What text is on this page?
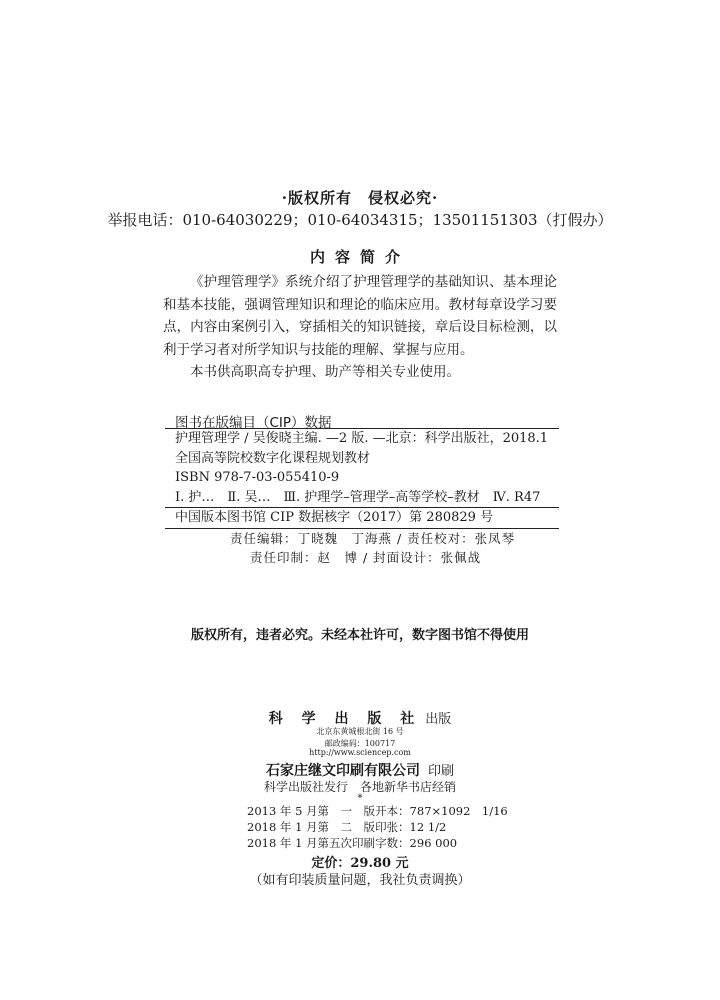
·版权所有　侵权必究·
举报电话：010-64030229；010-64034315；13501151303（打假办）
内容简介

《护理管理学》系统介绍了护理管理学的基础知识、基本理论和基本技能，强调管理知识和理论的临床应用。教材每章设学习要点，内容由案例引入，穿插相关的知识链接，章后设目标检测，以利于学习者对所学知识与技能的理解、掌握与应用。

本书供高职高专护理、助产等相关专业使用。

图书在版编目（CIP）数据
护理管理学 / 吴俊晓主编. —2 版. —北京：科学出版社，2018.1
全国高等院校数字化课程规划教材
ISBN 978-7-03-055410-9
Ⅰ. 护…　Ⅱ. 吴…　Ⅲ. 护理学–管理学–高等学校–教材　Ⅳ. R47
中国版本图书馆 CIP 数据核字（2017）第 280829 号
责任编辑：丁晓魏　丁海燕 / 责任校对：张凤琴
责任印制：赵　博 / 封面设计：张佩战
版权所有，违者必究。未经本社许可，数字图书馆不得使用
科 学 出 版 社 出版
北京东黄城根北街 16 号
邮政编码：100717
http://www.sciencep.com
石家庄继文印刷有限公司 印刷
科学出版社发行　各地新华书店经销
*
2013 年 5 月第　一　版	开本：787×1092　1/16
2018 年 1 月第　二　版	印张：12 1/2
2018 年 1 月第五次印刷	字数：296 000
定价：29.80 元
（如有印装质量问题，我社负责调换）
